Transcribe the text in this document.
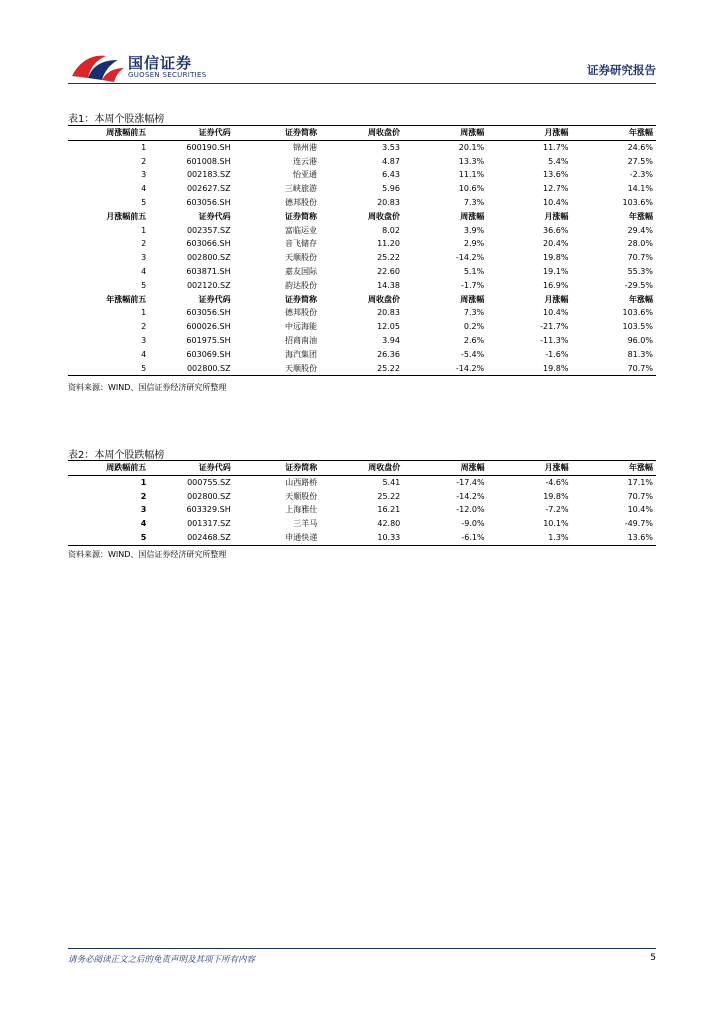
国信证券
GUOSEN SECURITIES	证券研究报告
表1：本周个股涨幅榜
周涨幅前五	证券代码	证券简称	周收盘价	周涨幅	月涨幅	年涨幅
1	600190.SH	锦州港	3.53	20.1%	11.7%	24.6%
2	601008.SH	连云港	4.87	13.3%	5.4%	27.5%
3	002183.SZ	怡亚通	6.43	11.1%	13.6%	-2.3%
4	002627.SZ	三峡旅游	5.96	10.6%	12.7%	14.1%
5	603056.SH	德邦股份	20.83	7.3%	10.4%	103.6%
月涨幅前五	证券代码	证券简称	周收盘价	周涨幅	月涨幅	年涨幅
1	002357.SZ	富临运业	8.02	3.9%	36.6%	29.4%
2	603066.SH	音飞储存	11.20	2.9%	20.4%	28.0%
3	002800.SZ	天顺股份	25.22	-14.2%	19.8%	70.7%
4	603871.SH	嘉友国际	22.60	5.1%	19.1%	55.3%
5	002120.SZ	韵达股份	14.38	-1.7%	16.9%	-29.5%
年涨幅前五	证券代码	证券简称	周收盘价	周涨幅	月涨幅	年涨幅
1	603056.SH	德邦股份	20.83	7.3%	10.4%	103.6%
2	600026.SH	中远海能	12.05	0.2%	-21.7%	103.5%
3	601975.SH	招商南油	3.94	2.6%	-11.3%	96.0%
4	603069.SH	海汽集团	26.36	-5.4%	-1.6%	81.3%
5	002800.SZ	天顺股份	25.22	-14.2%	19.8%	70.7%
资料来源：WIND、国信证券经济研究所整理
表2：本周个股跌幅榜
周跌幅前五	证券代码	证券简称	周收盘价	周涨幅	月涨幅	年涨幅
1	000755.SZ	山西路桥	5.41	-17.4%	-4.6%	17.1%
2	002800.SZ	天顺股份	25.22	-14.2%	19.8%	70.7%
3	603329.SH	上海雅仕	16.21	-12.0%	-7.2%	10.4%
4	001317.SZ	三羊马	42.80	-9.0%	10.1%	-49.7%
5	002468.SZ	申通快递	10.33	-6.1%	1.3%	13.6%
资料来源：WIND、国信证券经济研究所整理
请务必阅读正文之后的免责声明及其项下所有内容	5
